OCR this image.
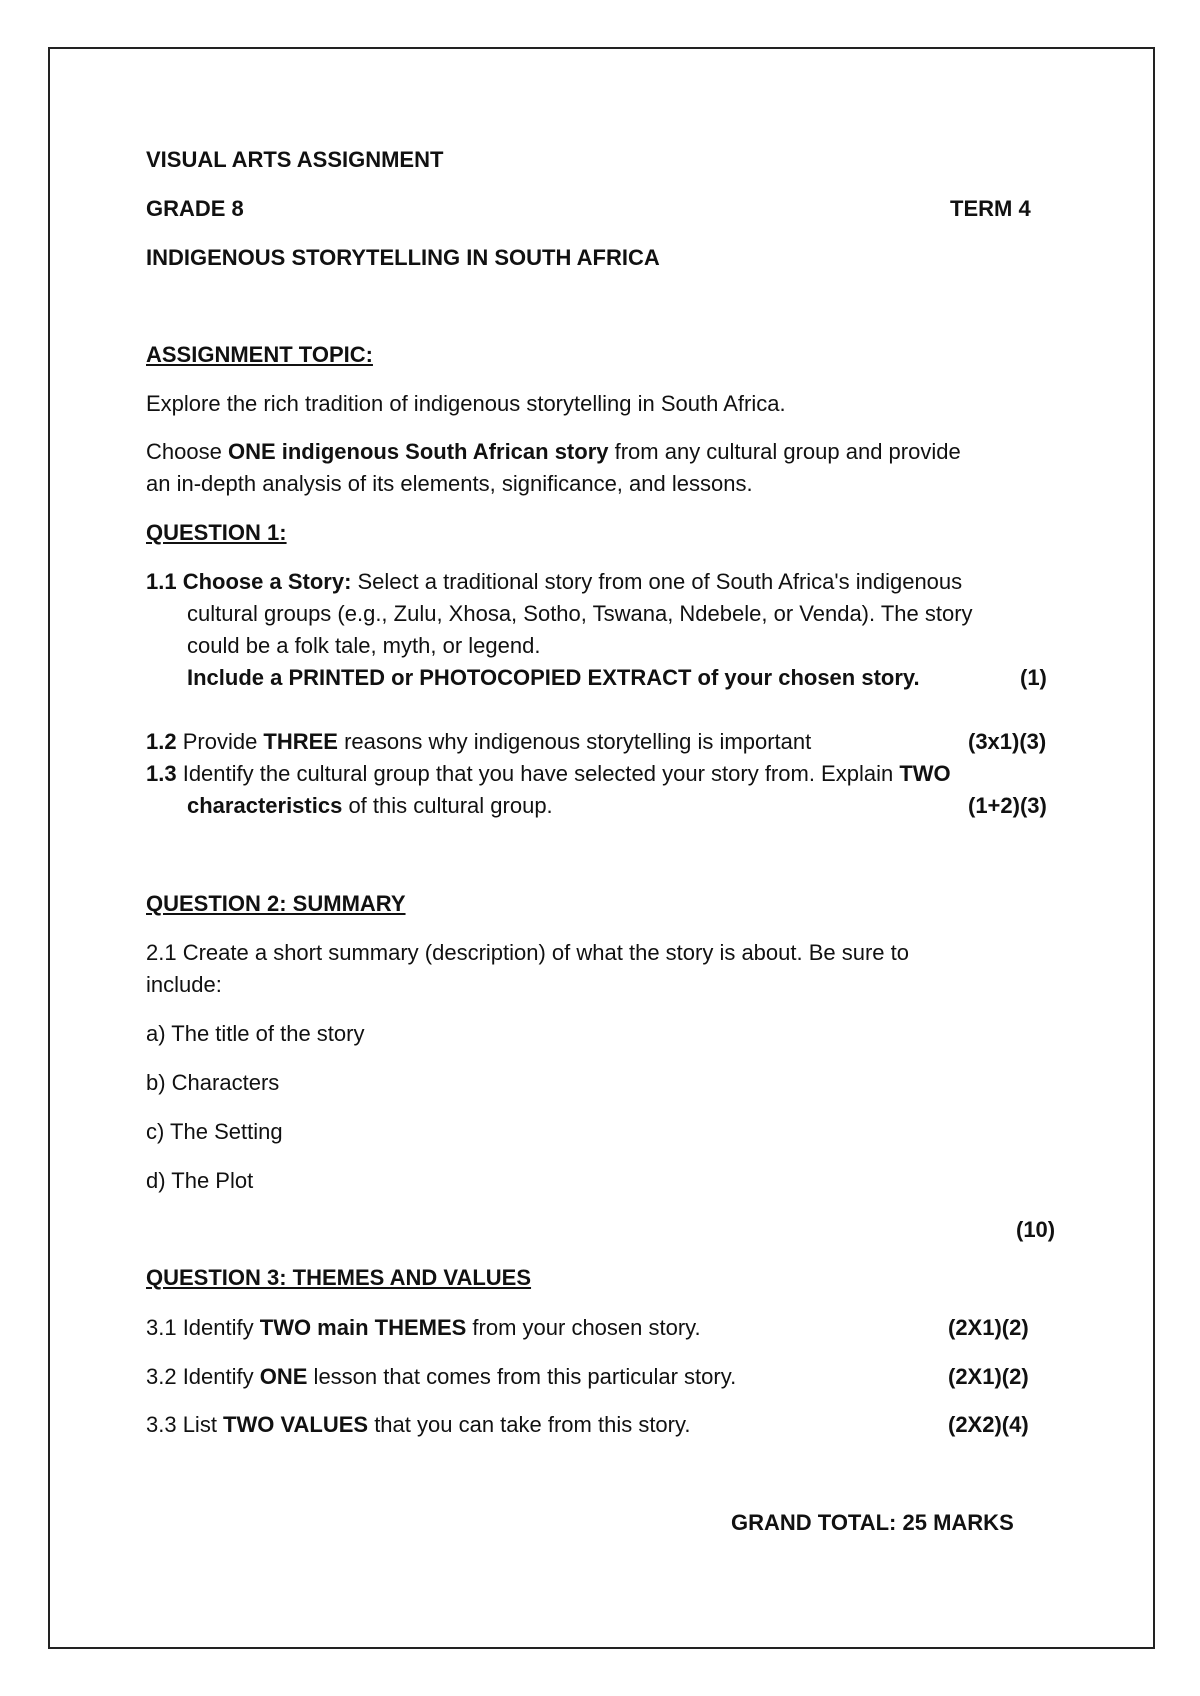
VISUAL ARTS ASSIGNMENT

GRADE 8	TERM 4

INDIGENOUS STORYTELLING IN SOUTH AFRICA

ASSIGNMENT TOPIC:

Explore the rich tradition of indigenous storytelling in South Africa.

Choose ONE indigenous South African story from any cultural group and provide

an in-depth analysis of its elements, significance, and lessons.

QUESTION 1:

1.1 Choose a Story: Select a traditional story from one of South Africa's indigenous

cultural groups (e.g., Zulu, Xhosa, Sotho, Tswana, Ndebele, or Venda). The story

could be a folk tale, myth, or legend.

Include a PRINTED or PHOTOCOPIED EXTRACT of your chosen story.	(1)

1.2 Provide THREE reasons why indigenous storytelling is important	(3x1)(3)

1.3 Identify the cultural group that you have selected your story from. Explain TWO

characteristics of this cultural group.	(1+2)(3)

QUESTION 2: SUMMARY

2.1 Create a short summary (description) of what the story is about. Be sure to

include:

a) The title of the story

b) Characters

c) The Setting

d) The Plot

(10)

QUESTION 3: THEMES AND VALUES

3.1 Identify TWO main THEMES from your chosen story.	(2X1)(2)

3.2 Identify ONE lesson that comes from this particular story.	(2X1)(2)

3.3 List TWO VALUES that you can take from this story.	(2X2)(4)

GRAND TOTAL: 25 MARKS
